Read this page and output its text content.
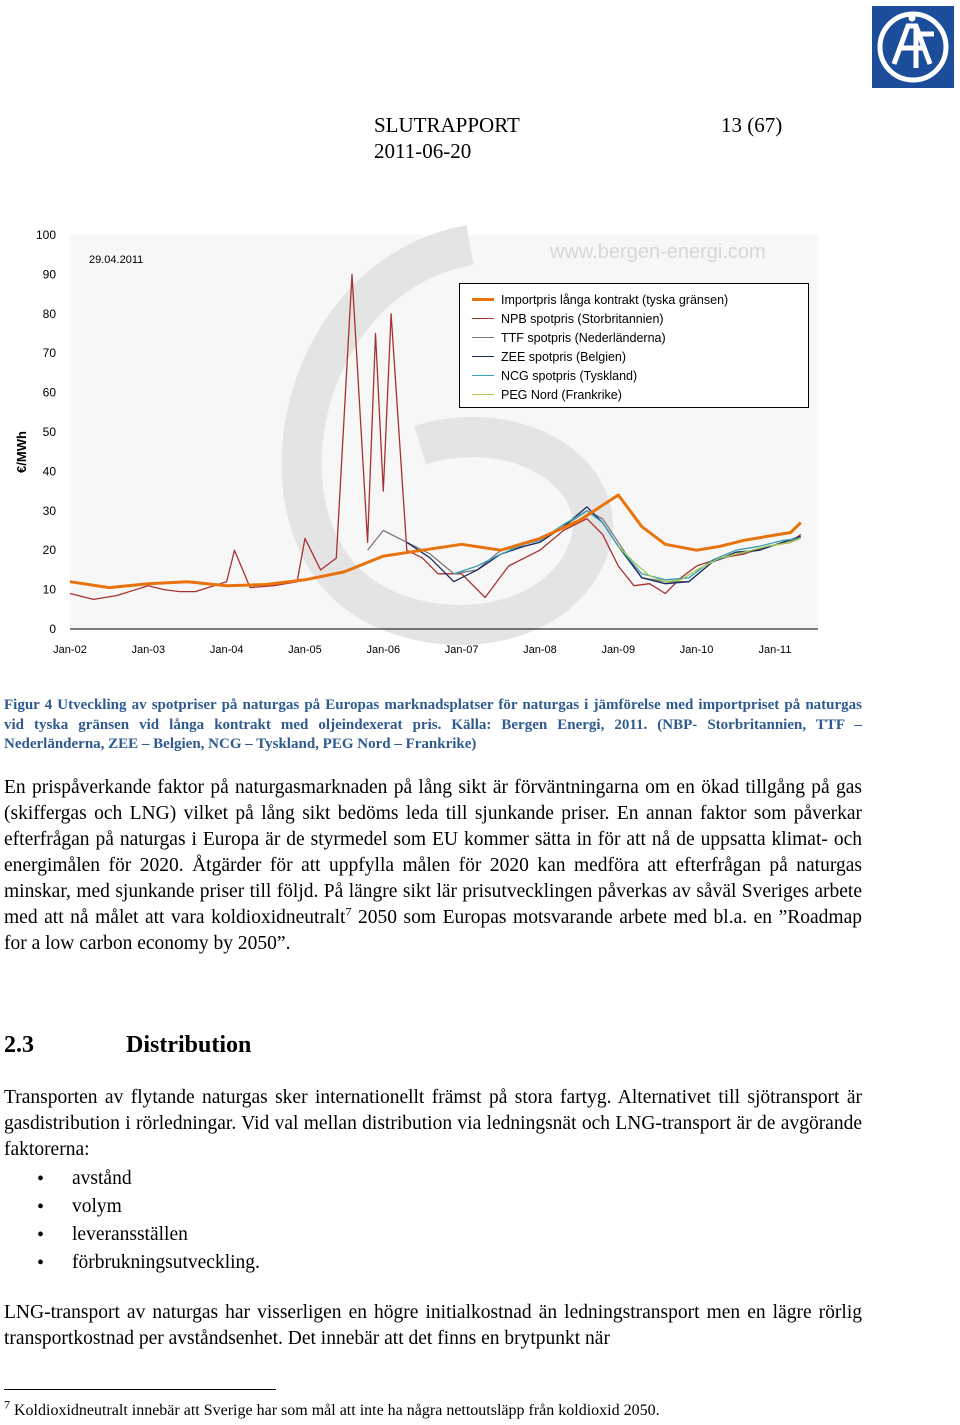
SLUTRAPPORT	13 (67)
2011-06-20
www.bergen-energi.com
0
10
20
30
40
50
60
70
80
90
100
Jan-02	Jan-03	Jan-04	Jan-05	Jan-06	Jan-07	Jan-08	Jan-09	Jan-10	Jan-11
€/MWh
29.04.2011
Importpris långa kontrakt (tyska gränsen)
NPB spotpris (Storbritannien)
TTF spotpris (Nederländerna)
ZEE spotpris (Belgien)
NCG spotpris (Tyskland)
PEG Nord (Frankrike)
Figur 4 Utveckling av spotpriser på naturgas på Europas marknadsplatser för naturgas i jämförelse med importpriset på naturgas vid tyska gränsen vid långa kontrakt med oljeindexerat pris. Källa: Bergen Energi, 2011. (NBP- Storbritannien, TTF – Nederländerna, ZEE – Belgien, NCG – Tyskland, PEG Nord – Frankrike)
En prispåverkande faktor på naturgasmarknaden på lång sikt är förväntningarna om en ökad tillgång på gas (skiffergas och LNG) vilket på lång sikt bedöms leda till sjunkande priser. En annan faktor som påverkar efterfrågan på naturgas i Europa är de styrmedel som EU kommer sätta in för att nå de uppsatta klimat- och energimålen för 2020. Åtgärder för att uppfylla målen för 2020 kan medföra att efterfrågan på naturgas minskar, med sjunkande priser till följd. På längre sikt lär prisutvecklingen påverkas av såväl Sveriges arbete med att nå målet att vara koldioxidneutralt$^7$ 2050 som Europas motsvarande arbete med bl.a. en ”Roadmap for a low carbon economy by 2050”.
2.3	Distribution
Transporten av flytande naturgas sker internationellt främst på stora fartyg. Alternativet till sjötransport är gasdistribution i rörledningar. Vid val mellan distribution via ledningsnät och LNG-transport är de avgörande faktorerna:
• avstånd
• volym
• leveransställen
• förbrukningsutveckling.
LNG-transport av naturgas har visserligen en högre initialkostnad än ledningstransport men en lägre rörlig transportkostnad per avståndsenhet. Det innebär att det finns en brytpunkt när
$^7$ Koldioxidneutralt innebär att Sverige har som mål att inte ha några nettoutsläpp från koldioxid 2050.
